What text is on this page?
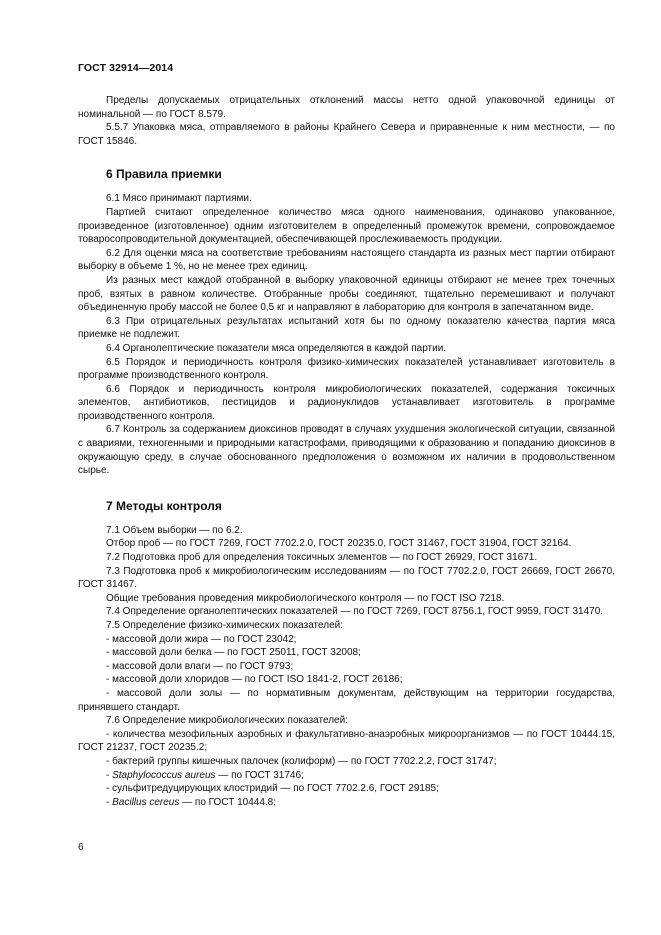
ГОСТ 32914—2014

Пределы допускаемых отрицательных отклонений массы нетто одной упаковочной единицы от номинальной — по ГОСТ 8.579.

5.5.7 Упаковка мяса, отправляемого в районы Крайнего Севера и приравненные к ним местности, — по ГОСТ 15846.

6 Правила приемки

6.1 Мясо принимают партиями.

Партией считают определенное количество мяса одного наименования, одинаково упакованное, произведенное (изготовленное) одним изготовителем в определенный промежуток времени, сопровождаемое товаросопроводительной документацией, обеспечивающей прослеживаемость продукции.

6.2 Для оценки мяса на соответствие требованиям настоящего стандарта из разных мест партии отбирают выборку в объеме 1 %, но не менее трех единиц.

Из разных мест каждой отобранной в выборку упаковочной единицы отбирают не менее трех точечных проб, взятых в равном количестве. Отобранные пробы соединяют, тщательно перемешивают и получают объединенную пробу массой не более 0,5 кг и направляют в лабораторию для контроля в запечатанном виде.

6.3 При отрицательных результатах испытаний хотя бы по одному показателю качества партия мяса приемке не подлежит.

6.4 Органолептические показатели мяса определяются в каждой партии.

6.5 Порядок и периодичность контроля физико-химических показателей устанавливает изготовитель в программе производственного контроля.

6.6 Порядок и периодичность контроля микробиологических показателей, содержания токсичных элементов, антибиотиков, пестицидов и радионуклидов устанавливает изготовитель в программе производственного контроля.

6.7 Контроль за содержанием диоксинов проводят в случаях ухудшения экологической ситуации, связанной с авариями, техногенными и природными катастрофами, приводящими к образованию и попаданию диоксинов в окружающую среду, в случае обоснованного предположения о возможном их наличии в продовольственном сырье.

7 Методы контроля

7.1 Объем выборки — по 6.2.

Отбор проб — по ГОСТ 7269, ГОСТ 7702.2.0, ГОСТ 20235.0, ГОСТ 31467, ГОСТ 31904, ГОСТ 32164.

7.2 Подготовка проб для определения токсичных элементов — по ГОСТ 26929, ГОСТ 31671.

7.3 Подготовка проб к микробиологическим исследованиям — по ГОСТ 7702.2.0, ГОСТ 26669, ГОСТ 26670, ГОСТ 31467.

Общие требования проведения микробиологического контроля — по ГОСТ ISO 7218.

7.4 Определение органолептических показателей — по ГОСТ 7269, ГОСТ 8756.1, ГОСТ 9959, ГОСТ 31470.

7.5 Определение физико-химических показателей:

- массовой доли жира — по ГОСТ 23042;

- массовой доли белка — по ГОСТ 25011, ГОСТ 32008;

- массовой доли влаги — по ГОСТ 9793;

- массовой доли хлоридов — по ГОСТ ISO 1841-2, ГОСТ 26186;

- массовой доли золы — по нормативным документам, действующим на территории государства, принявшего стандарт.

7.6 Определение микробиологических показателей:

- количества мезофильных аэробных и факультативно-анаэробных микроорганизмов — по ГОСТ 10444.15, ГОСТ 21237, ГОСТ 20235.2;

- бактерий группы кишечных палочек (колиформ) — по ГОСТ 7702.2.2, ГОСТ 31747;

- Staphylococcus aureus — по ГОСТ 31746;

- сульфитредуцирующих клостридий — по ГОСТ 7702.2.6, ГОСТ 29185;

- Bacillus cereus — по ГОСТ 10444.8;

6
